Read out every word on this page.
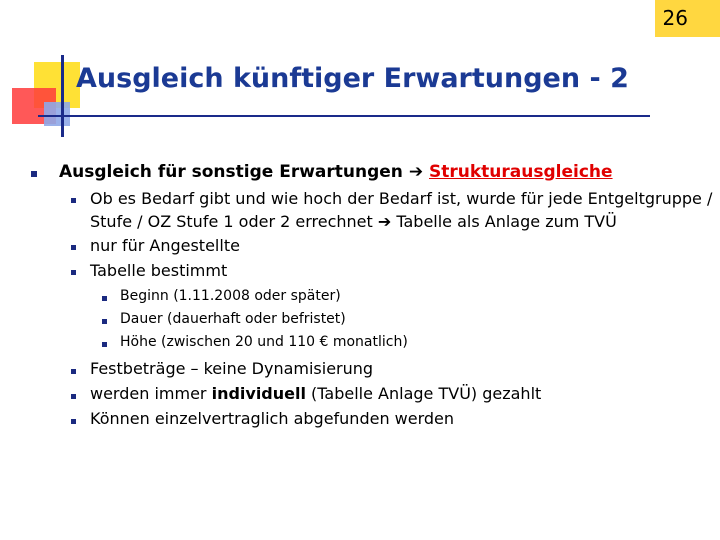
26
Ausgleich künftiger Erwartungen - 2
Ausgleich für sonstige Erwartungen ➔ Strukturausgleiche
Ob es Bedarf gibt und wie hoch der Bedarf ist, wurde für jede Entgeltgruppe /
Stufe / OZ Stufe 1 oder 2 errechnet ➔ Tabelle als Anlage zum TVÜ
nur für Angestellte
Tabelle bestimmt
Beginn (1.11.2008 oder später)
Dauer (dauerhaft oder befristet)
Höhe (zwischen 20 und 110 € monatlich)
Festbeträge – keine Dynamisierung
werden immer individuell (Tabelle Anlage TVÜ) gezahlt
Können einzelvertraglich abgefunden werden
